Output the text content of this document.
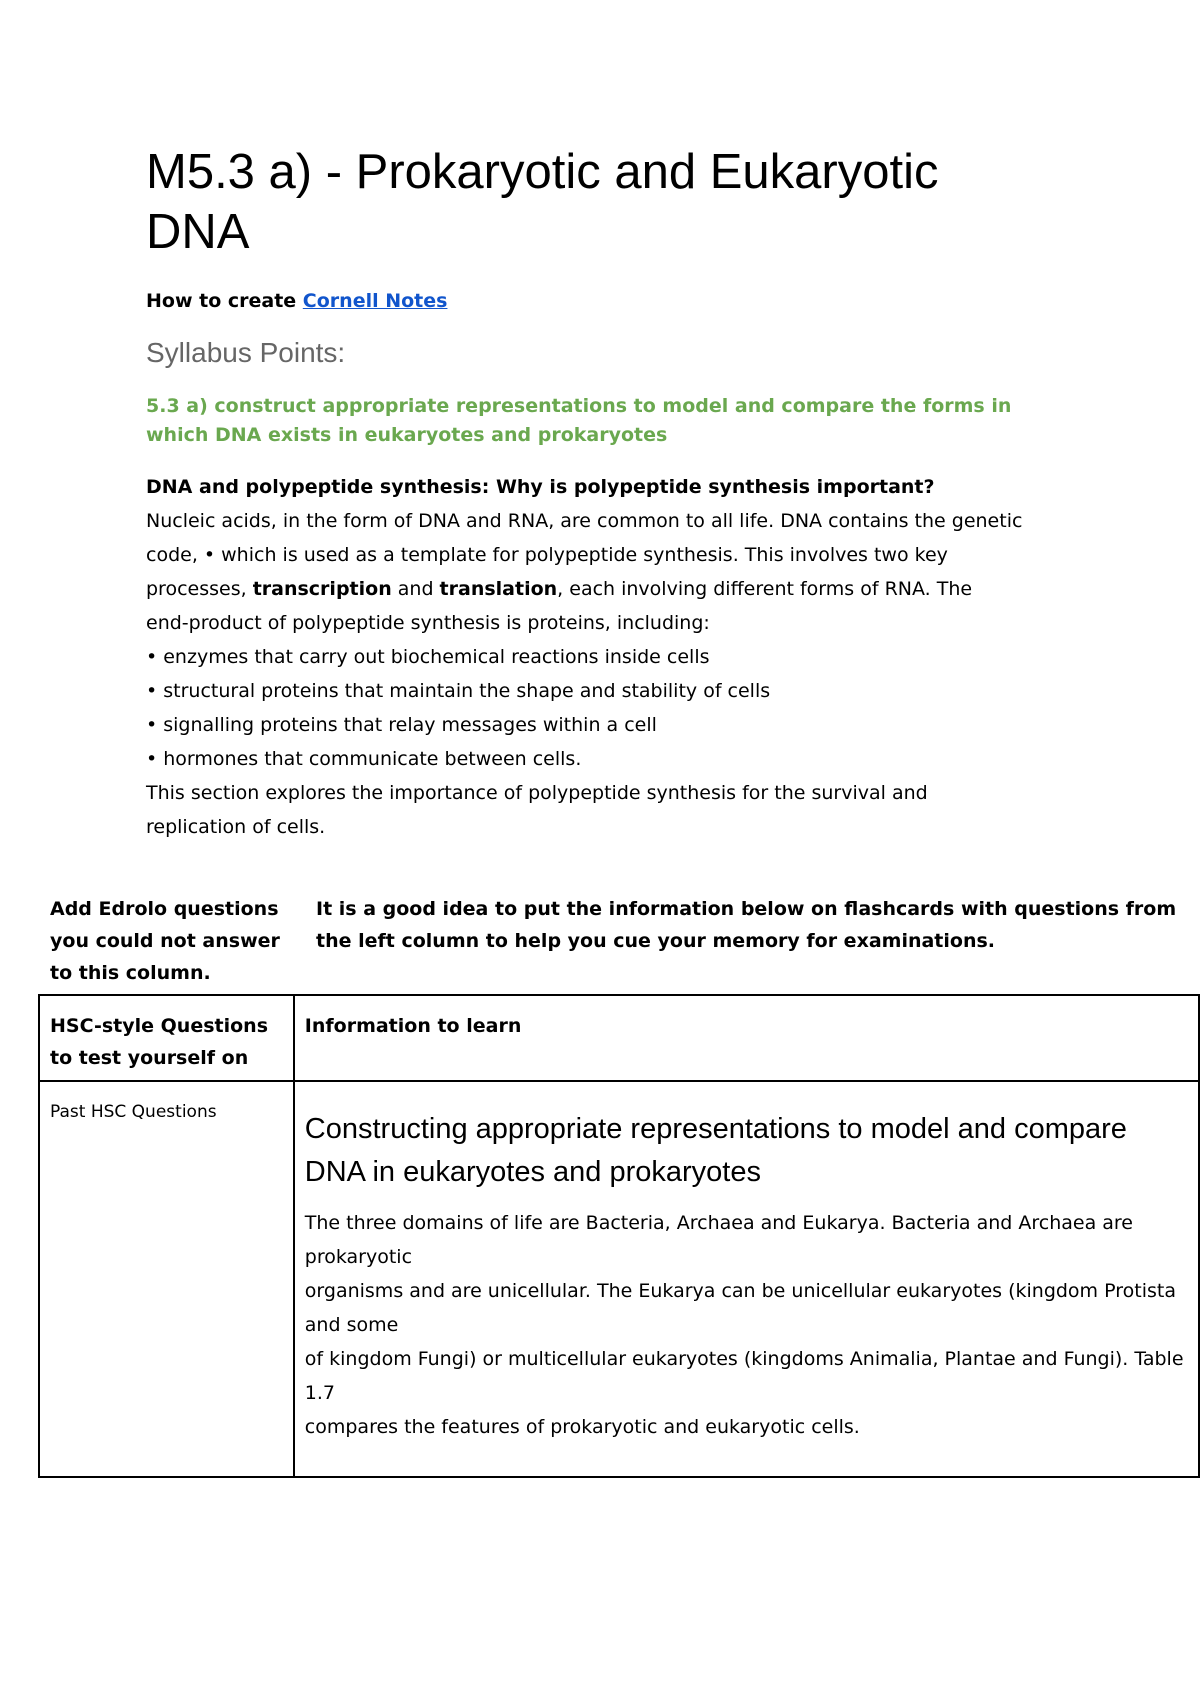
M5.3 a) - Prokaryotic and Eukaryotic DNA
How to create Cornell Notes
Syllabus Points:
5.3 a) construct appropriate representations to model and compare the forms in which DNA exists in eukaryotes and prokaryotes

DNA and polypeptide synthesis: Why is polypeptide synthesis important?

Nucleic acids, in the form of DNA and RNA, are common to all life. DNA contains the genetic

code, • which is used as a template for polypeptide synthesis. This involves two key

processes, transcription and translation, each involving different forms of RNA. The

end-product of polypeptide synthesis is proteins, including:

• enzymes that carry out biochemical reactions inside cells

• structural proteins that maintain the shape and stability of cells

• signalling proteins that relay messages within a cell

• hormones that communicate between cells.

This section explores the importance of polypeptide synthesis for the survival and

replication of cells.

Add Edrolo questions you could not answer to this column.
It is a good idea to put the information below on flashcards with questions from the left column to help you cue your memory for examinations.
HSC-style Questions to test yourself on	Information to learn

Past HSC Questions	Constructing appropriate representations to model and compare DNA in eukaryotes and prokaryotes

The three domains of life are Bacteria, Archaea and Eukarya. Bacteria and Archaea are prokaryotic

organisms and are unicellular. The Eukarya can be unicellular eukaryotes (kingdom Protista and some

of kingdom Fungi) or multicellular eukaryotes (kingdoms Animalia, Plantae and Fungi). Table 1.7

compares the features of prokaryotic and eukaryotic cells.
